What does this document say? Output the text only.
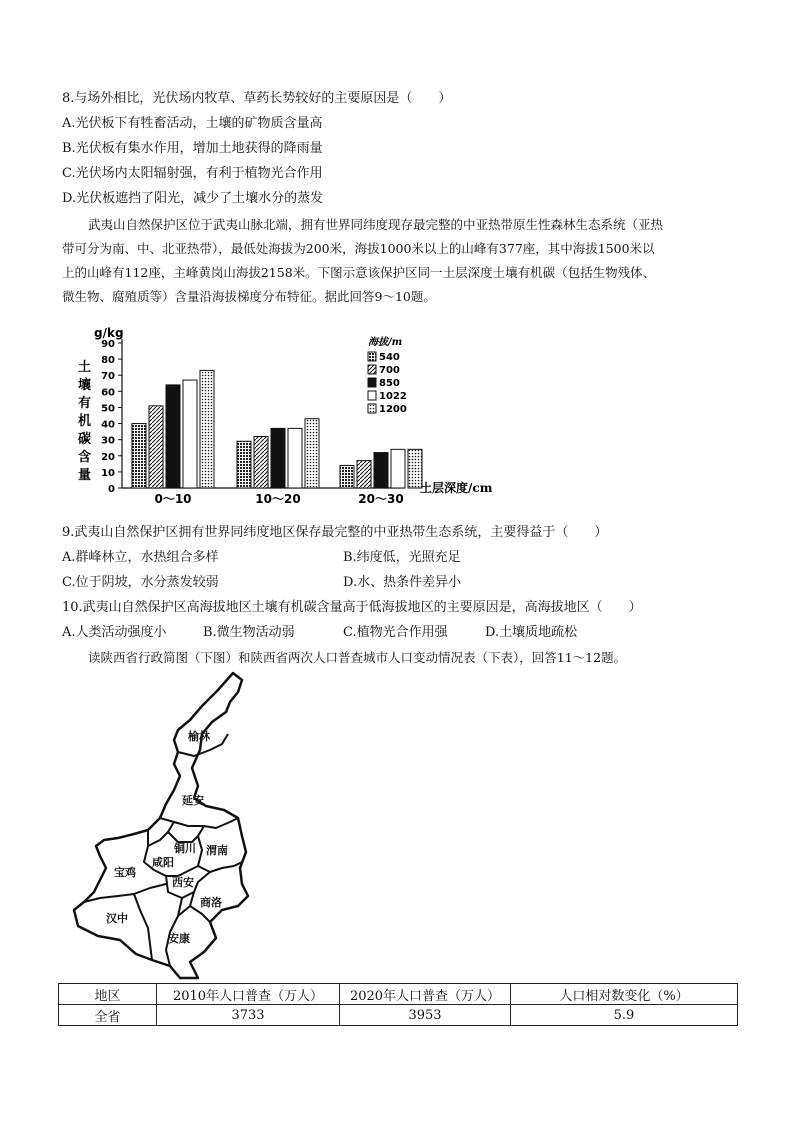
8.与场外相比，光伏场内牧草、草药长势较好的主要原因是（　　）
A.光伏板下有牲畜活动，土壤的矿物质含量高
B.光伏板有集水作用，增加土地获得的降雨量
C.光伏场内太阳辐射强，有利于植物光合作用
D.光伏板遮挡了阳光，减少了土壤水分的蒸发
武夷山自然保护区位于武夷山脉北端，拥有世界同纬度现存最完整的中亚热带原生性森林生态系统（亚热
带可分为南、中、北亚热带），最低处海拔为200米，海拔1000米以上的山峰有377座，其中海拔1500米以
上的山峰有112座，主峰黄岗山海拔2158米。下图示意该保护区同一土层深度土壤有机碳（包括生物残体、
微生物、腐殖质等）含量沿海拔梯度分布特征。据此回答9～10题。
g/kg
土
壤
有
机
碳
含
量
0
10
20
30
40
50
60
70
80
90
0～10	10～20	20～30
土层深度/cm
海拔/m
540
700
850
1022
1200
9.武夷山自然保护区拥有世界同纬度地区保存最完整的中亚热带生态系统，主要得益于（　　）
A.群峰林立，水热组合多样	B.纬度低，光照充足
C.位于阴坡，水分蒸发较弱	D.水、热条件差异小
10.武夷山自然保护区高海拔地区土壤有机碳含量高于低海拔地区的主要原因是，高海拔地区（　　）
A.人类活动强度小	B.微生物活动弱	C.植物光合作用强	D.土壤质地疏松
读陕西省行政简图（下图）和陕西省两次人口普查城市人口变动情况表（下表），回答11～12题。
榆林
延安
铜川 渭南
宝鸡
咸阳
西安
商洛
汉中
安康
地区	2010年人口普查（万人）	2020年人口普查（万人）	人口相对数变化（%）
全省	3733	3953	5.9
